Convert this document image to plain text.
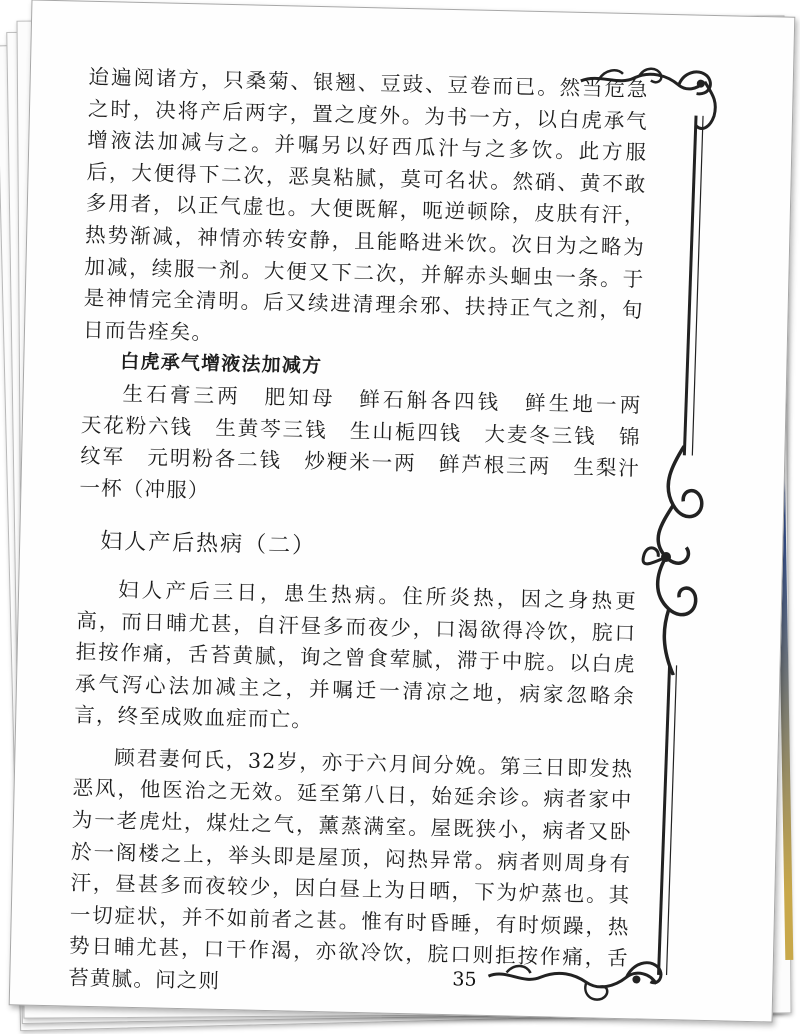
迨遍阅诸方，只桑菊、银翘、豆豉、豆卷而已。然当危急之时，决将产后两字，置之度外。为书一方，以白虎承气增液法加减与之。并嘱另以好西瓜汁与之多饮。此方服后，大便得下二次，恶臭粘腻，莫可名状。然硝、黄不敢多用者，以正气虚也。大便既解，呃逆顿除，皮肤有汗，热势渐减，神情亦转安静，且能略进米饮。次日为之略为加减，续服一剂。大便又下二次，并解赤头蛔虫一条。于是神情完全清明。后又续进清理余邪、扶持正气之剂，旬日而告痊矣。

白虎承气增液法加减方

生石膏三两　肥知母　鲜石斛各四钱　鲜生地一两　天花粉六钱　生黄芩三钱　生山栀四钱　大麦冬三钱　锦纹军　元明粉各二钱　炒粳米一两　鲜芦根三两　生梨汁一杯（冲服）

妇人产后热病（二）

妇人产后三日，患生热病。住所炎热，因之身热更高，而日晡尤甚，自汗昼多而夜少，口渴欲得冷饮，脘口拒按作痛，舌苔黄腻，询之曾食荤腻，滞于中脘。以白虎承气泻心法加减主之，并嘱迁一清凉之地，病家忽略余言，终至成败血症而亡。

顾君妻何氏，32岁，亦于六月间分娩。第三日即发热恶风，他医治之无效。延至第八日，始延余诊。病者家中为一老虎灶，煤灶之气，薰蒸满室。屋既狭小，病者又卧於一阁楼之上，举头即是屋顶，闷热异常。病者则周身有汗，昼甚多而夜较少，因白昼上为日晒，下为炉蒸也。其一切症状，并不如前者之甚。惟有时昏睡，有时烦躁，热势日晡尤甚，口干作渴，亦欲冷饮，脘口则拒按作痛，舌苔黄腻。问之则	35
